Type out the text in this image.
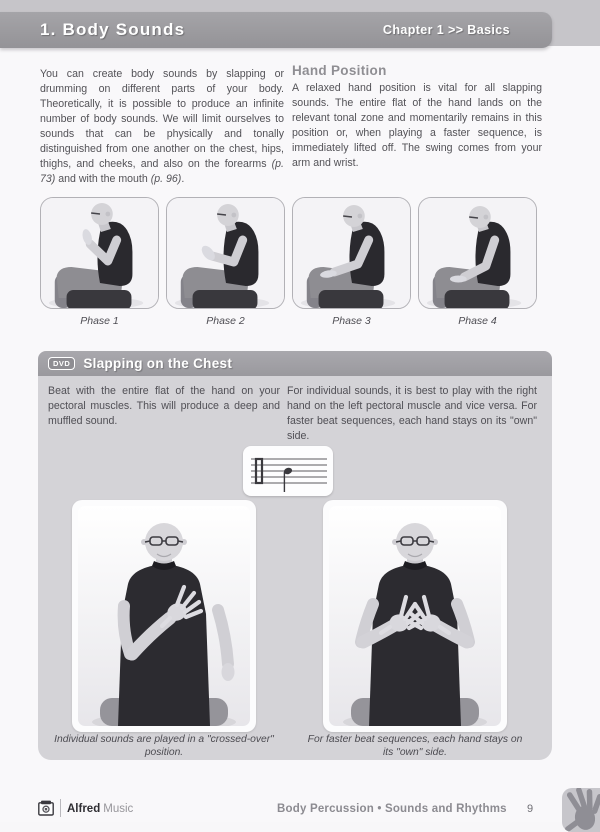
1. Body Sounds	Chapter 1 >> Basics

You can create body sounds by slapping or drumming on different parts of your body. Theoretically, it is possible to produce an infinite number of body sounds. We will limit ourselves to sounds that can be physically and tonally distinguished from one another on the chest, hips, thighs, and cheeks, and also on the forearms (p. 73) and with the mouth (p. 96).

Hand Position

A relaxed hand position is vital for all slapping sounds. The entire flat of the hand lands on the relevant tonal zone and momentarily remains in this position or, when playing a faster sequence, is immediately lifted off. The swing comes from your arm and wrist.

Phase 1	Phase 2	Phase 3	Phase 4
DVD Slapping on the Chest

Beat with the entire flat of the hand on your pectoral muscles. This will produce a deep and muffled sound.

For individual sounds, it is best to play with the right hand on the left pectoral muscle and vice versa. For faster beat sequences, each hand stays on its "own" side.

Individual sounds are played in a "crossed-over" position.

For faster beat sequences, each hand stays on its "own" side.

Alfred Music	Body Percussion • Sounds and Rhythms 9
